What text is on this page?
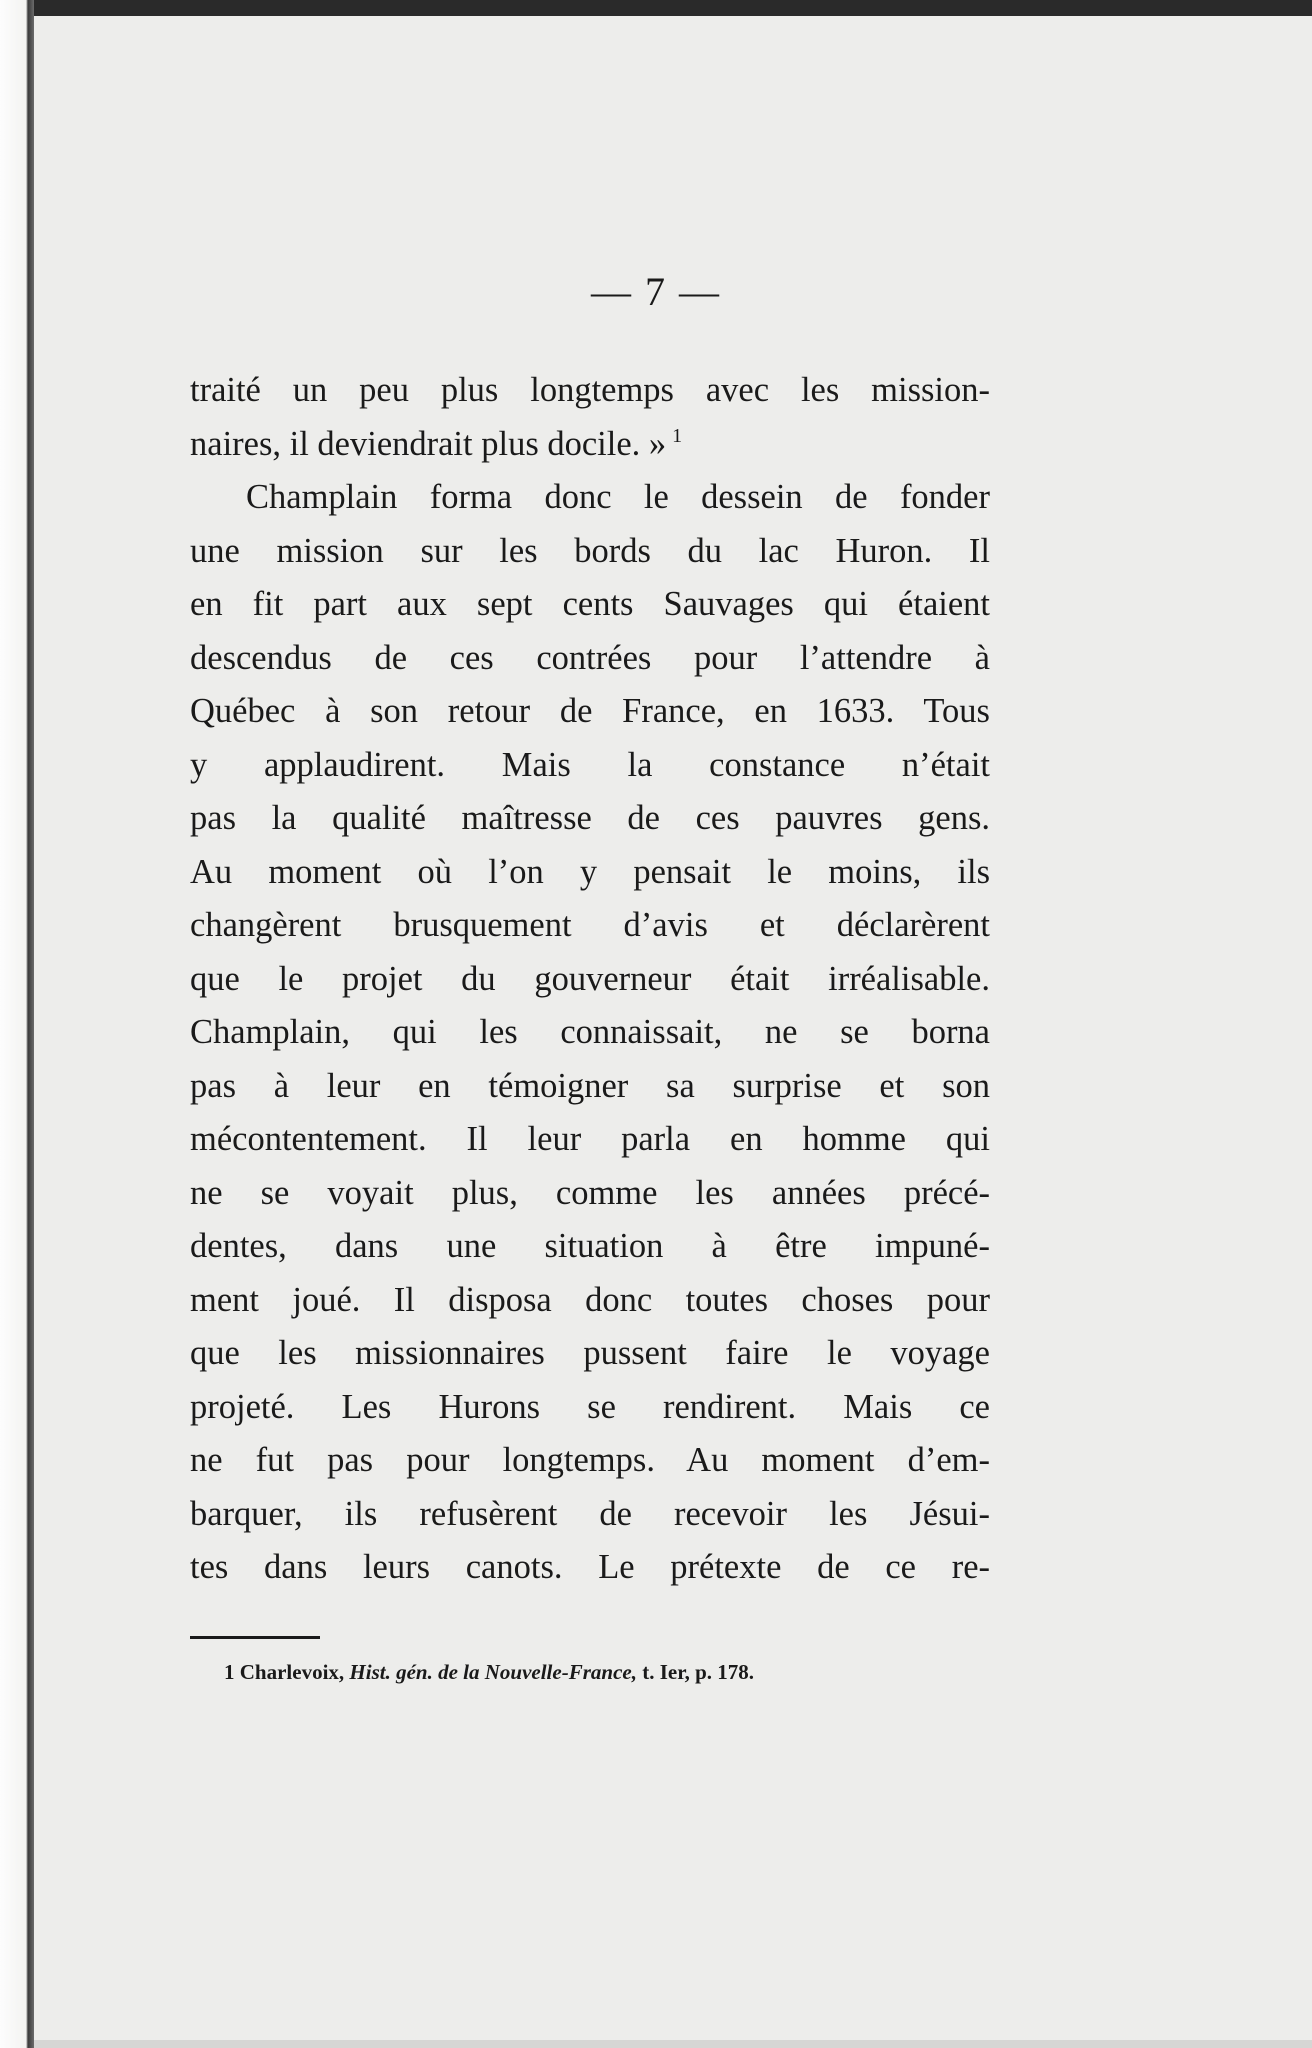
— 7 —
traité un peu plus longtemps avec les mission-
naires, il deviendrait plus docile. » $^1$
Champlain forma donc le dessein de fonder
une mission sur les bords du lac Huron. Il
en fit part aux sept cents Sauvages qui étaient
descendus de ces contrées pour l’attendre à
Québec à son retour de France, en 1633. Tous
y applaudirent. Mais la constance n’était
pas la qualité maîtresse de ces pauvres gens.
Au moment où l’on y pensait le moins, ils
changèrent brusquement d’avis et déclarèrent
que le projet du gouverneur était irréalisable.
Champlain, qui les connaissait, ne se borna
pas à leur en témoigner sa surprise et son
mécontentement. Il leur parla en homme qui
ne se voyait plus, comme les années précé-
dentes, dans une situation à être impuné-
ment joué. Il disposa donc toutes choses pour
que les missionnaires pussent faire le voyage
projeté. Les Hurons se rendirent. Mais ce
ne fut pas pour longtemps. Au moment d’em-
barquer, ils refusèrent de recevoir les Jésui-
tes dans leurs canots. Le prétexte de ce re-
1 Charlevoix, Hist. gén. de la Nouvelle-France, t. Ier, p. 178.
